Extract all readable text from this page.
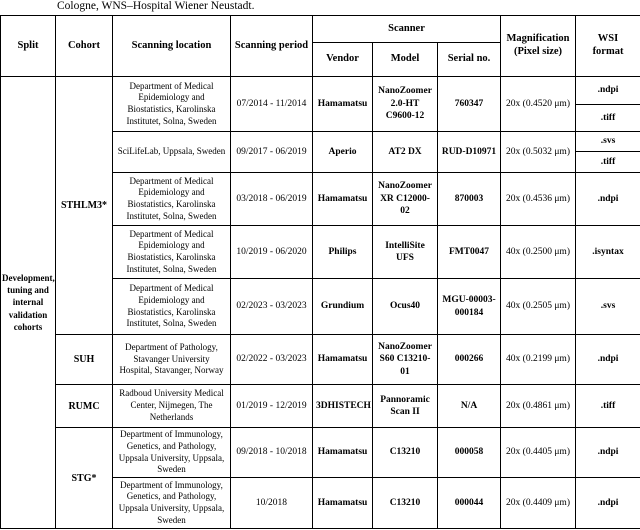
Cologne, WNS–Hospital Wiener Neustadt.
Split	Cohort	Scanning location	Scanning period	Scanner			Magnification (Pixel size)	WSI format
				Vendor	Model	Serial no.		
Development, tuning and internal validation cohorts	STHLM3*	Department of Medical Epidemiology and Biostatistics, Karolinska Institutet, Solna, Sweden	07/2014 - 11/2014	Hamamatsu	NanoZoomer 2.0-HT C9600-12	760347	20x (0.4520 μm)	.ndpi
								.tiff
		SciLifeLab, Uppsala, Sweden	09/2017 - 06/2019	Aperio	AT2 DX	RUD-D10971	20x (0.5032 μm)	.svs
								.tiff
		Department of Medical Epidemiology and Biostatistics, Karolinska Institutet, Solna, Sweden	03/2018 - 06/2019	Hamamatsu	NanoZoomer XR C12000-02	870003	20x (0.4536 μm)	.ndpi
		Department of Medical Epidemiology and Biostatistics, Karolinska Institutet, Solna, Sweden	10/2019 - 06/2020	Philips	IntelliSite UFS	FMT0047	40x (0.2500 μm)	.isyntax
		Department of Medical Epidemiology and Biostatistics, Karolinska Institutet, Solna, Sweden	02/2023 - 03/2023	Grundium	Ocus40	MGU-00003-000184	40x (0.2505 μm)	.svs
	SUH	Department of Pathology, Stavanger University Hospital, Stavanger, Norway	02/2022 - 03/2023	Hamamatsu	NanoZoomer S60 C13210-01	000266	40x (0.2199 μm)	.ndpi
	RUMC	Radboud University Medical Center, Nijmegen, The Netherlands	01/2019 - 12/2019	3DHISTECH	Pannoramic Scan II	N/A	20x (0.4861 μm)	.tiff
	STG*	Department of Immunology, Genetics, and Pathology, Uppsala University, Uppsala, Sweden	09/2018 - 10/2018	Hamamatsu	C13210	000058	20x (0.4405 μm)	.ndpi
		Department of Immunology, Genetics, and Pathology, Uppsala University, Uppsala, Sweden	10/2018	Hamamatsu	C13210	000044	20x (0.4409 μm)	.ndpi
